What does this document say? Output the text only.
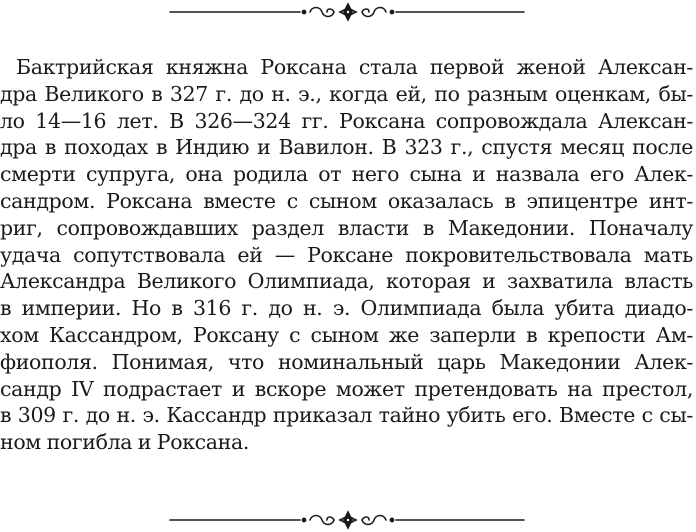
Бактрийская княжна Роксана стала первой женой Алексан-
дра Великого в 327 г. до н. э., когда ей, по разным оценкам, бы-
ло 14—16 лет. В 326—324 гг. Роксана сопровождала Алексан-
дра в походах в Индию и Вавилон. В 323 г., спустя месяц после
смерти супруга, она родила от него сына и назвала его Алек-
сандром. Роксана вместе с сыном оказалась в эпицентре инт-
риг, сопровождавших раздел власти в Македонии. Поначалу
удача сопутствовала ей — Роксане покровительствовала мать
Александра Великого Олимпиада, которая и захватила власть
в империи. Но в 316 г. до н. э. Олимпиада была убита диадо-
хом Кассандром, Роксану с сыном же заперли в крепости Ам-
фиополя. Понимая, что номинальный царь Македонии Алек-
сандр IV подрастает и вскоре может претендовать на престол,
в 309 г. до н. э. Кассандр приказал тайно убить его. Вместе с сы-
ном погибла и Роксана.
